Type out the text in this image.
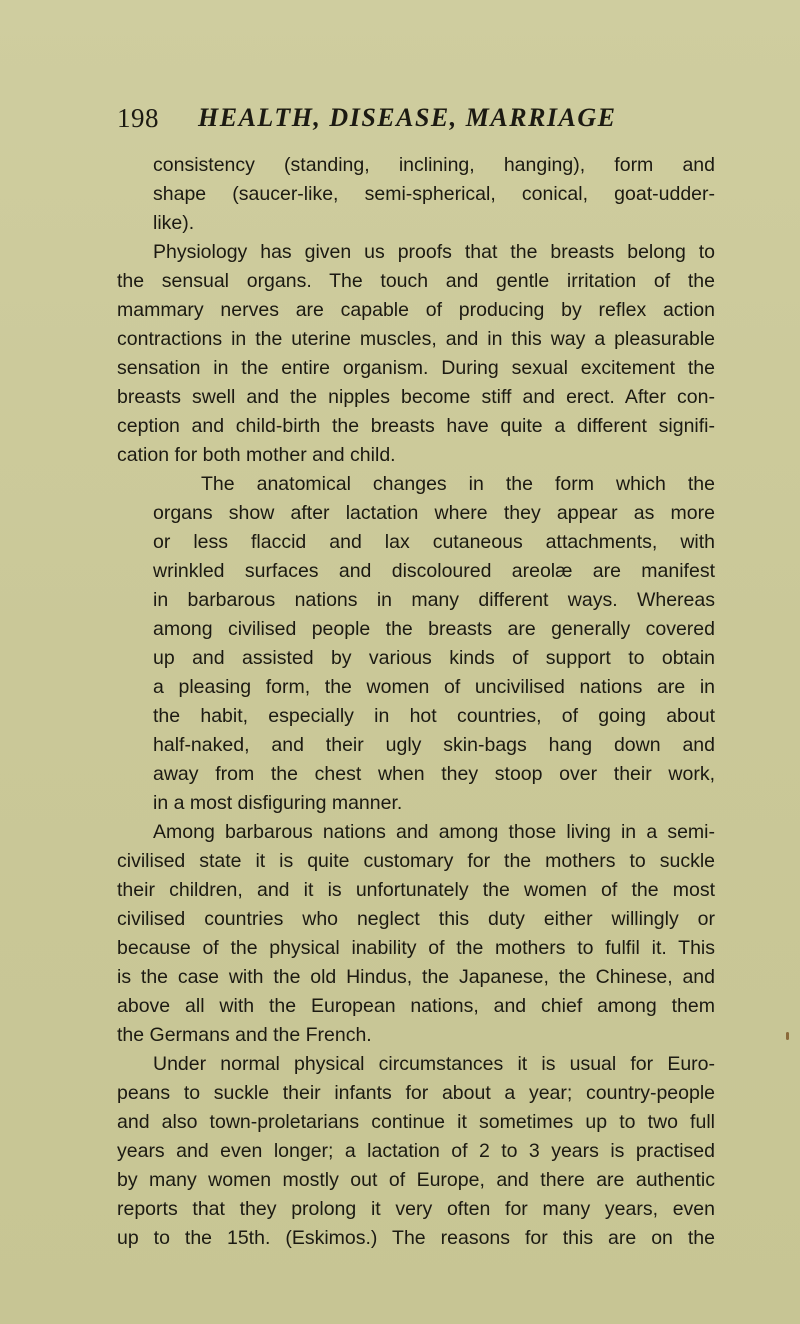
198 HEALTH, DISEASE, MARRIAGE
consistency (standing, inclining, hanging), form and
shape (saucer-like, semi-spherical, conical, goat-udder-
like).
Physiology has given us proofs that the breasts belong to
the sensual organs. The touch and gentle irritation of the
mammary nerves are capable of producing by reflex action
contractions in the uterine muscles, and in this way a pleasurable
sensation in the entire organism. During sexual excitement the
breasts swell and the nipples become stiff and erect. After con-
ception and child-birth the breasts have quite a different signifi-
cation for both mother and child.
The anatomical changes in the form which the
organs show after lactation where they appear as more
or less flaccid and lax cutaneous attachments, with
wrinkled surfaces and discoloured areolæ are manifest
in barbarous nations in many different ways. Whereas
among civilised people the breasts are generally covered
up and assisted by various kinds of support to obtain
a pleasing form, the women of uncivilised nations are in
the habit, especially in hot countries, of going about
half-naked, and their ugly skin-bags hang down and
away from the chest when they stoop over their work,
in a most disfiguring manner.
Among barbarous nations and among those living in a semi-
civilised state it is quite customary for the mothers to suckle
their children, and it is unfortunately the women of the most
civilised countries who neglect this duty either willingly or
because of the physical inability of the mothers to fulfil it. This
is the case with the old Hindus, the Japanese, the Chinese, and
above all with the European nations, and chief among them
the Germans and the French.
Under normal physical circumstances it is usual for Euro-
peans to suckle their infants for about a year; country-people
and also town-proletarians continue it sometimes up to two full
years and even longer; a lactation of 2 to 3 years is practised
by many women mostly out of Europe, and there are authentic
reports that they prolong it very often for many years, even
up to the 15th. (Eskimos.) The reasons for this are on the
